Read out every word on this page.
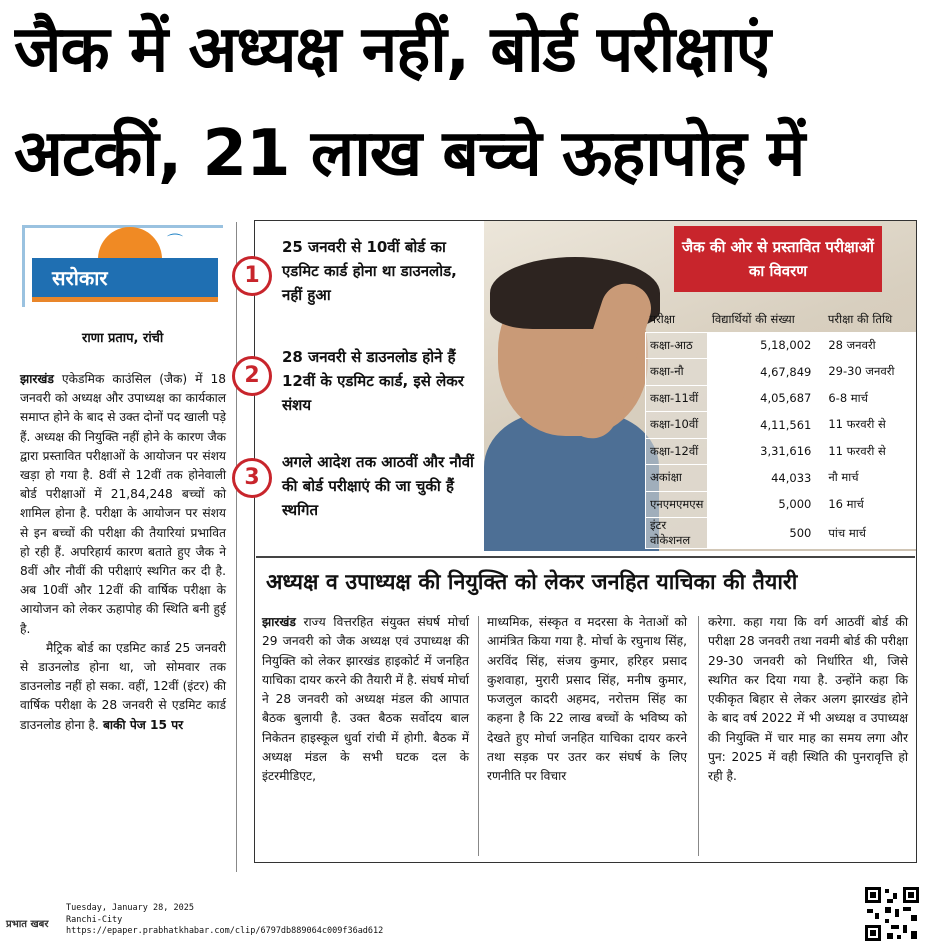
जैक में अध्यक्ष नहीं, बोर्ड परीक्षाएं
अटकीं, 21 लाख बच्चे ऊहापोह में
⌒
सरोकार
राणा प्रताप, रांची

झारखंड एकेडमिक काउंसिल (जैक) में 18 जनवरी को अध्यक्ष और उपाध्यक्ष का कार्यकाल समाप्त होने के बाद से उक्त दोनों पद खाली पड़े हैं. अध्यक्ष की नियुक्ति नहीं होने के कारण जैक द्वारा प्रस्तावित परीक्षाओं के आयोजन पर संशय खड़ा हो गया है. 8वीं से 12वीं तक होनेवाली बोर्ड परीक्षाओं में 21,84,248 बच्चों को शामिल होना है. परीक्षा के आयोजन पर संशय से इन बच्चों की परीक्षा की तैयारियां प्रभावित हो रही हैं. अपरिहार्य कारण बताते हुए जैक ने 8वीं और नौवीं की परीक्षाएं स्थगित कर दी है. अब 10वीं और 12वीं की वार्षिक परीक्षा के आयोजन को लेकर ऊहापोह की स्थिति बनी हुई है.

मैट्रिक बोर्ड का एडमिट कार्ड 25 जनवरी से डाउनलोड होना था, जो सोमवार तक डाउनलोड नहीं हो सका. वहीं, 12वीं (इंटर) की वार्षिक परीक्षा के 28 जनवरी से एडमिट कार्ड डाउनलोड होना है. बाकी पेज 15 पर

1
25 जनवरी से 10वीं बोर्ड का एडमिट कार्ड होना था डाउनलोड, नहीं हुआ
2
28 जनवरी से डाउनलोड होने हैं 12वीं के एडमिट कार्ड, इसे लेकर संशय
3
अगले आदेश तक आठवीं और नौवीं की बोर्ड परीक्षाएं की जा चुकी हैं स्थगित
जैक की ओर से प्रस्तावित परीक्षाओं का विवरण
परीक्षा	विद्यार्थियों की संख्या	परीक्षा की तिथि
कक्षा-आठ	5,18,002	28 जनवरी
कक्षा-नौ	4,67,849	29-30 जनवरी
कक्षा-11वीं	4,05,687	6-8 मार्च
कक्षा-10वीं	4,11,561	11 फरवरी से
कक्षा-12वीं	3,31,616	11 फरवरी से
अकांक्षा	44,033	नौ मार्च
एनएमएमएस	5,000	16 मार्च
इंटर वोकेशनल	500	पांच मार्च
अध्यक्ष व उपाध्यक्ष की नियुक्ति को लेकर जनहित याचिका की तैयारी
झारखंड राज्य वित्तरहित संयुक्त संघर्ष मोर्चा 29 जनवरी को जैक अध्यक्ष एवं उपाध्यक्ष की नियुक्ति को लेकर झारखंड हाइकोर्ट में जनहित याचिका दायर करने की तैयारी में है. संघर्ष मोर्चा ने 28 जनवरी को अध्यक्ष मंडल की आपात बैठक बुलायी है. उक्त बैठक सर्वोदय बाल निकेतन हाइस्कूल धुर्वा रांची में होगी. बैठक में अध्यक्ष मंडल के सभी घटक दल के इंटरमीडिएट,
माध्यमिक, संस्कृत व मदरसा के नेताओं को आमंत्रित किया गया है. मोर्चा के रघुनाथ सिंह, अरविंद सिंह, संजय कुमार, हरिहर प्रसाद कुशवाहा, मुरारी प्रसाद सिंह, मनीष कुमार, फजलुल कादरी अहमद, नरोत्तम सिंह का कहना है कि 22 लाख बच्चों के भविष्य को देखते हुए मोर्चा जनहित याचिका दायर करने तथा सड़क पर उतर कर संघर्ष के लिए रणनीति पर विचार
करेगा. कहा गया कि वर्ग आठवीं बोर्ड की परीक्षा 28 जनवरी तथा नवमी बोर्ड की परीक्षा 29-30 जनवरी को निर्धारित थी, जिसे स्थगित कर दिया गया है. उन्होंने कहा कि एकीकृत बिहार से लेकर अलग झारखंड होने के बाद वर्ष 2022 में भी अध्यक्ष व उपाध्यक्ष की नियुक्ति में चार माह का समय लगा और पुन: 2025 में वही स्थिति की पुनरावृत्ति हो रही है.
प्रभात खबर
Tuesday, January 28, 2025
Ranchi-City
https://epaper.prabhatkhabar.com/clip/6797db889064c009f36ad612
